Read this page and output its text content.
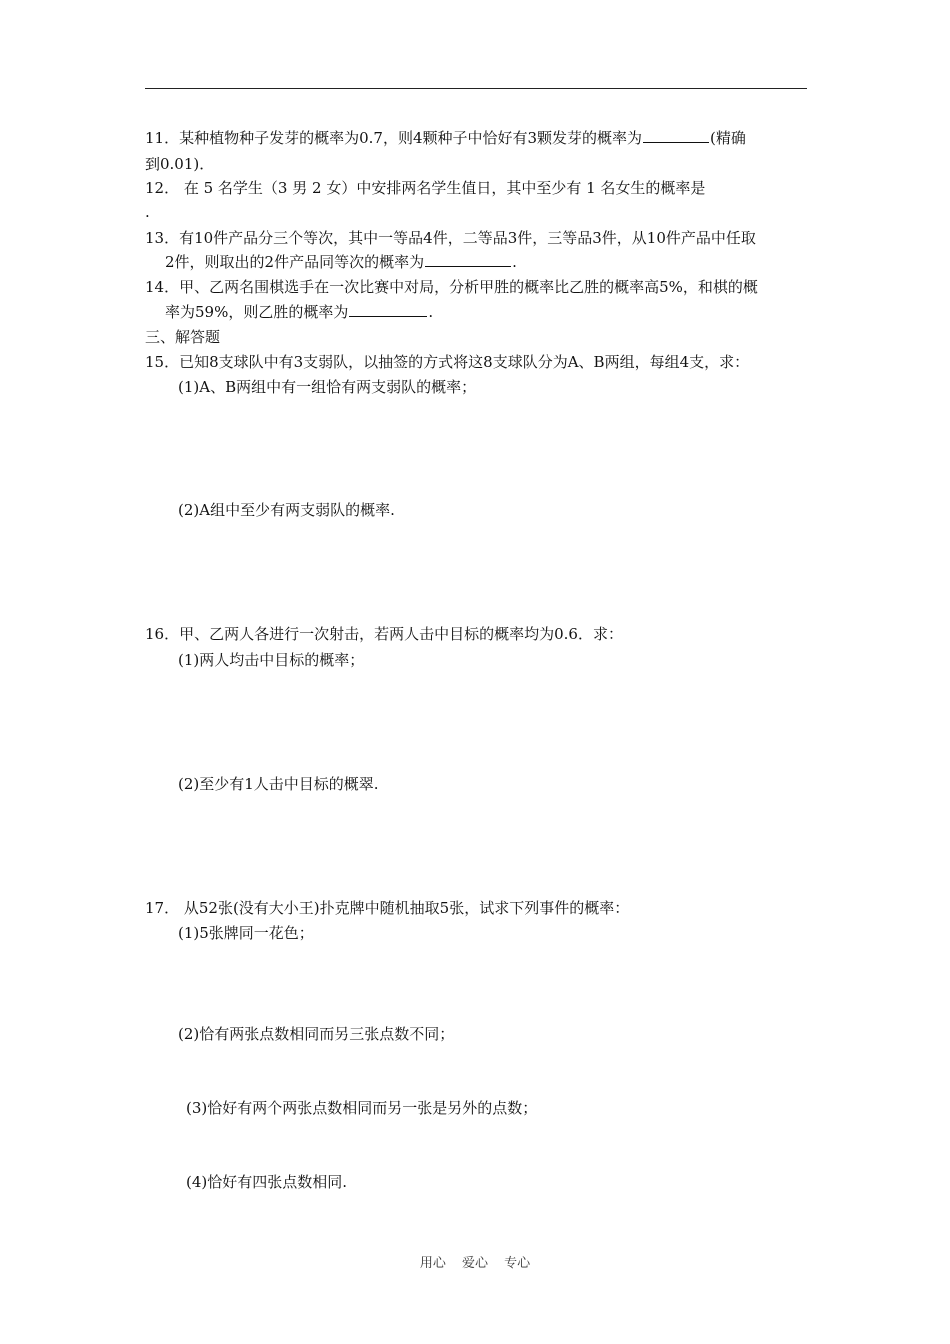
11．某种植物种子发芽的概率为0.7，则4颗种子中恰好有3颗发芽的概率为	(精确
到0.01)．
12． 在 5 名学生（3 男 2 女）中安排两名学生值日，其中至少有 1 名女生的概率是
.
13．有10件产品分三个等次，其中一等品4件，二等品3件，三等品3件，从10件产品中任取
2件，则取出的2件产品同等次的概率为	.
14．甲、乙两名围棋选手在一次比赛中对局，分析甲胜的概率比乙胜的概率高5%，和棋的概
率为59%，则乙胜的概率为	.
三、解答题
15．已知8支球队中有3支弱队，以抽签的方式将这8支球队分为A、B两组，每组4支，求：
(1)A、B两组中有一组恰有两支弱队的概率；
(2)A组中至少有两支弱队的概率.
16．甲、乙两人各进行一次射击，若两人击中目标的概率均为0.6．求：
(1)两人均击中目标的概率；
(2)至少有1人击中目标的概翠.
17． 从52张(没有大小王)扑克牌中随机抽取5张，试求下列事件的概率：
(1)5张牌同一花色；
(2)恰有两张点数相同而另三张点数不同；
(3)恰好有两个两张点数相同而另一张是另外的点数；
(4)恰好有四张点数相同.
用心 爱心 专心
